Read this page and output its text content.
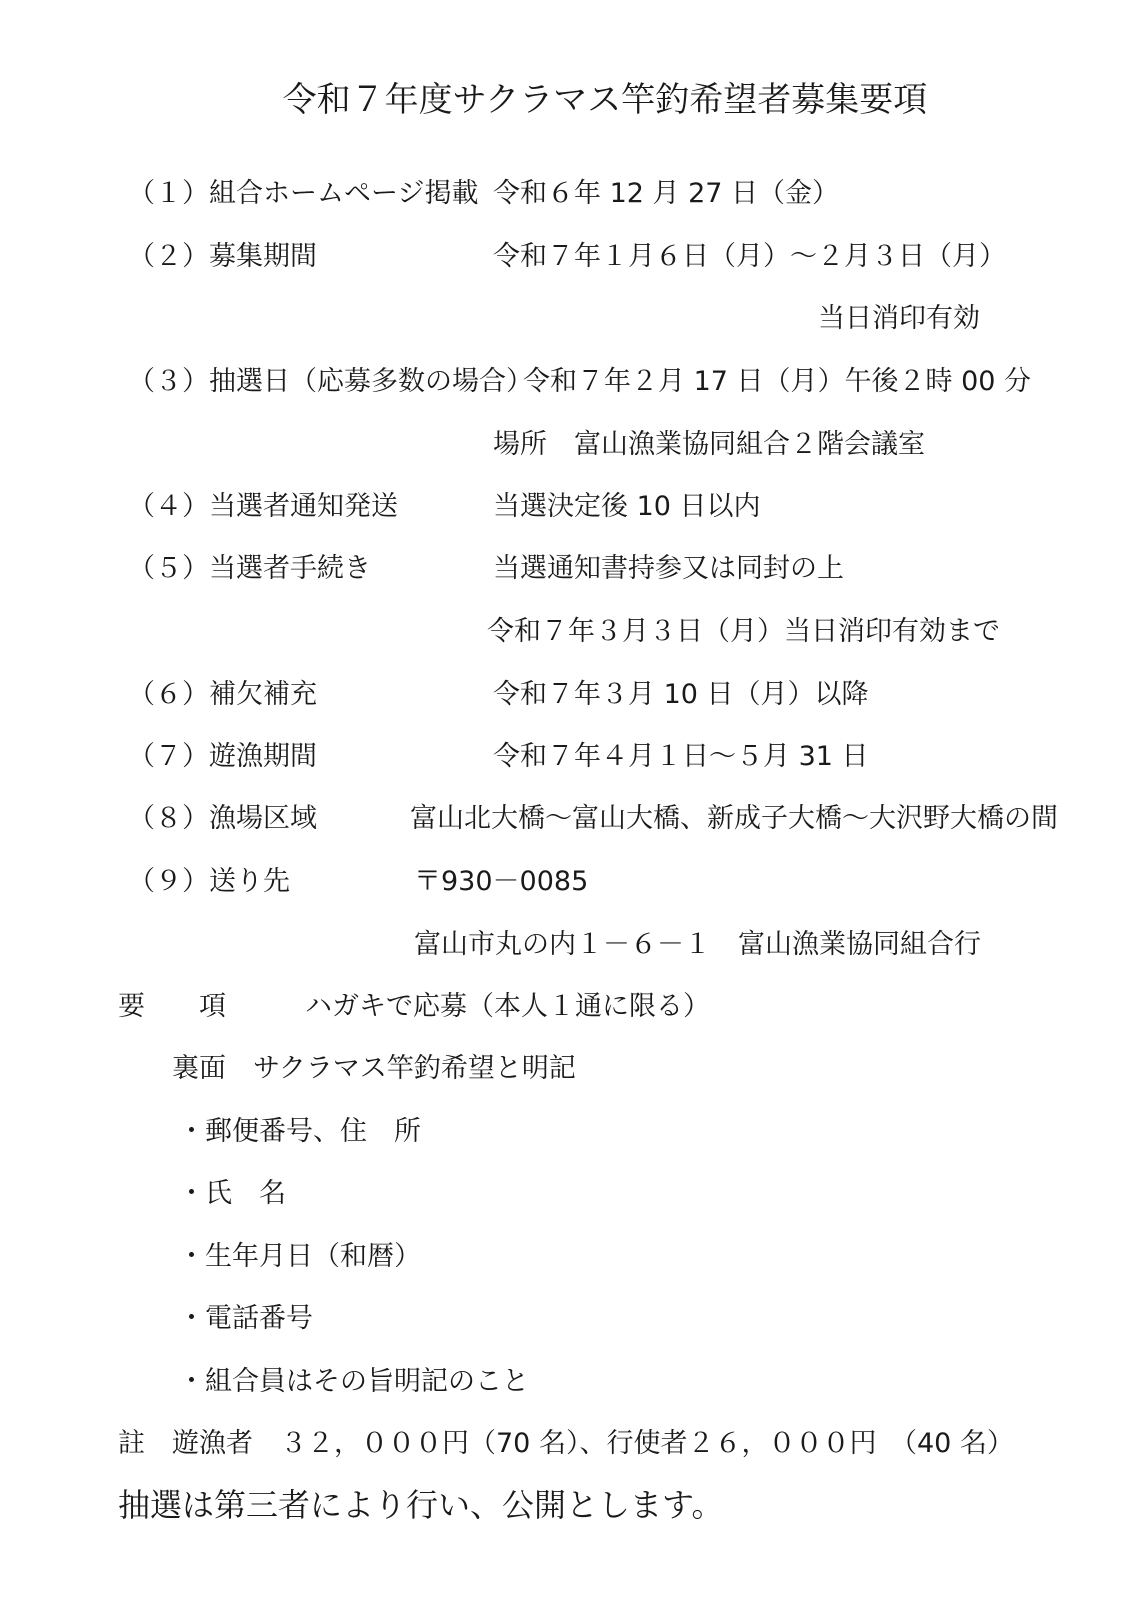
令和７年度サクラマス竿釣希望者募集要項
（１）組合ホームページ掲載 令和６年 12 月 27 日（金）
（２）募集期間	令和７年１月６日（月）～２月３日（月）
当日消印有効
（３）抽選日（応募多数の場合）
令和７年２月 17 日（月）午後２時 00 分
場所　富山漁業協同組合２階会議室
（４）当選者通知発送	当選決定後 10 日以内
（５）当選者手続き	当選通知書持参又は同封の上
令和７年３月３日（月）当日消印有効まで
（６）補欠補充	令和７年３月 10 日（月）以降
（７）遊漁期間	令和７年４月１日～５月 31 日
（８）漁場区域	富山北大橋～富山大橋、新成子大橋～大沢野大橋の間
（９）送り先	〒930－0085
富山市丸の内１－６－１　富山漁業協同組合行
要　　項	ハガキで応募（本人１通に限る）
裏面　サクラマス竿釣希望と明記
・郵便番号、住　所
・氏　名
・生年月日（和暦）
・電話番号
・組合員はその旨明記のこと
註　遊漁者　３２，０００円（70 名）、行使者２６，０００円　（40 名）
抽選は第三者により行い、公開とします。
